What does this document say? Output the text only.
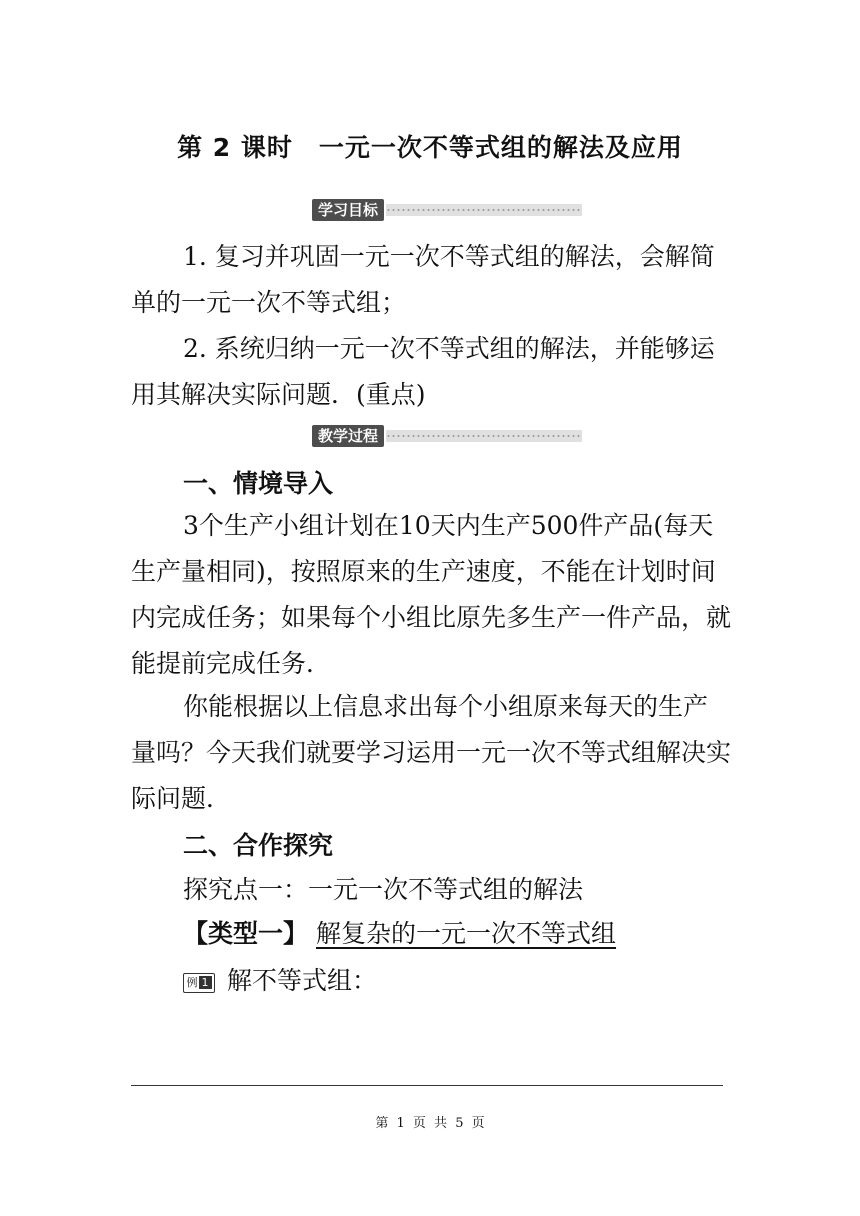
第 2 课时　一元一次不等式组的解法及应用
学习目标
1. 复习并巩固一元一次不等式组的解法，会解简单的一元一次不等式组；
2. 系统归纳一元一次不等式组的解法，并能够运用其解决实际问题．(重点)
教学过程
一、情境导入
3个生产小组计划在10天内生产500件产品(每天生产量相同)，按照原来的生产速度，不能在计划时间内完成任务；如果每个小组比原先多生产一件产品，就能提前完成任务．
你能根据以上信息求出每个小组原来每天的生产量吗？今天我们就要学习运用一元一次不等式组解决实际问题．
二、合作探究
探究点一：一元一次不等式组的解法
【类型一】 解复杂的一元一次不等式组
例 1 解不等式组：
第 1 页 共 5 页
